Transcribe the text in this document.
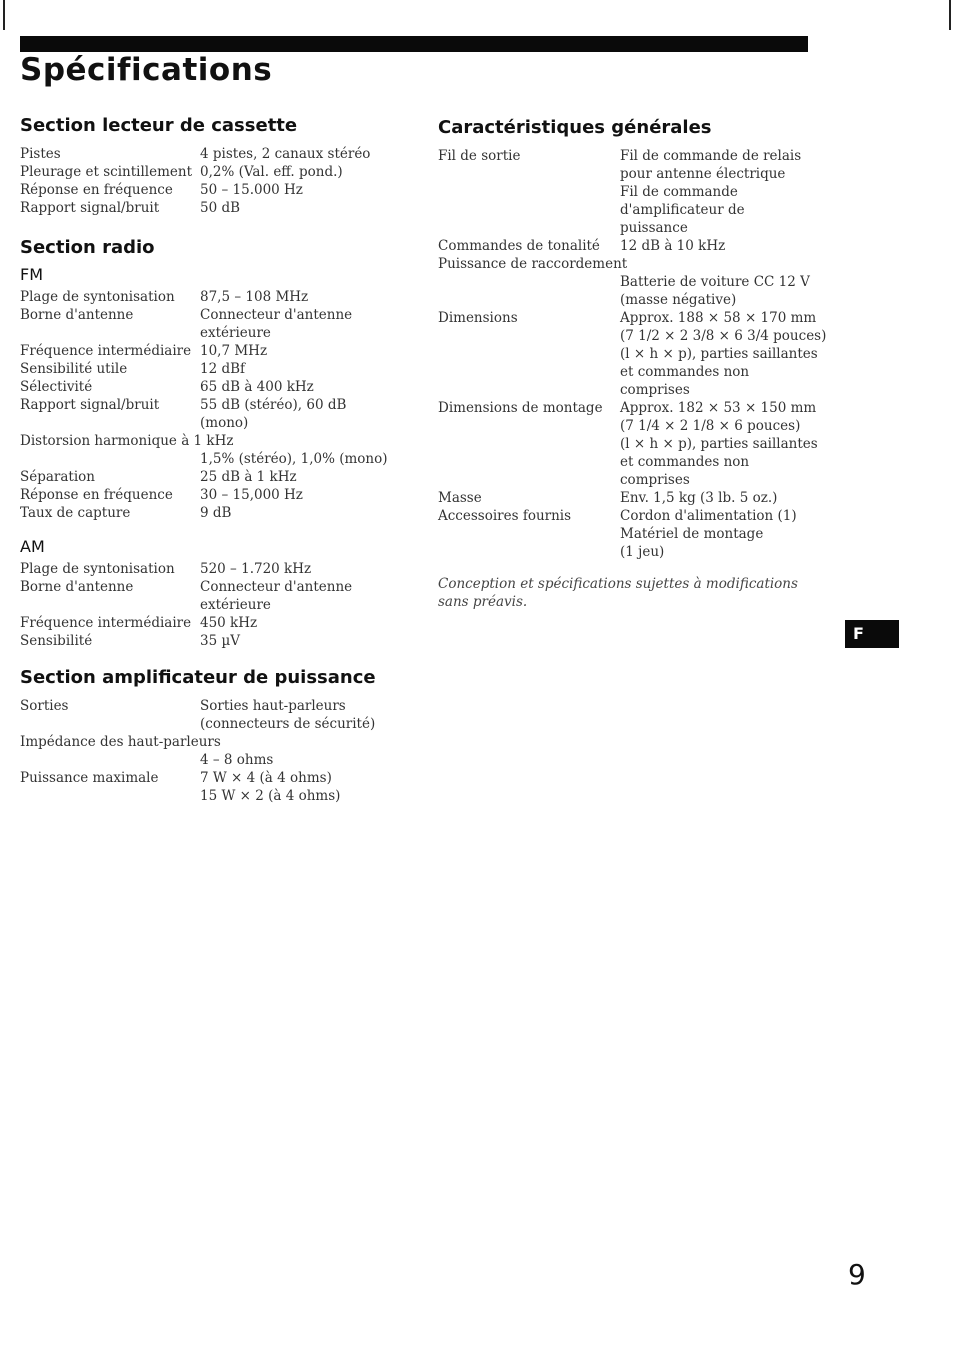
Spécifications
Section lecteur de cassette
Pistes	4 pistes, 2 canaux stéréo
Pleurage et scintillement 0,2% (Val. eff. pond.)
Réponse en fréquence 50 – 15.000 Hz
Rapport signal/bruit	50 dB
Section radio
FM
Plage de syntonisation 87,5 – 108 MHz
Borne d'antenne	Connecteur d'antenne
extérieure
Fréquence intermédiaire 10,7 MHz
Sensibilité utile	12 dBf
Sélectivité	65 dB à 400 kHz
Rapport signal/bruit	55 dB (stéréo), 60 dB
(mono)
Distorsion harmonique à 1 kHz
1,5% (stéréo), 1,0% (mono)
Séparation	25 dB à 1 kHz
Réponse en fréquence 30 – 15,000 Hz
Taux de capture	9 dB
AM
Plage de syntonisation 520 – 1.720 kHz
Borne d'antenne	Connecteur d'antenne
extérieure
Fréquence intermédiaire 450 kHz
Sensibilité	35 µV
Section amplificateur de puissance
Sorties	Sorties haut-parleurs
(connecteurs de sécurité)
Impédance des haut-parleurs
4 – 8 ohms
Puissance maximale	7 W × 4 (à 4 ohms)
15 W × 2 (à 4 ohms)
Caractéristiques générales
Fil de sortie	Fil de commande de relais
pour antenne électrique
Fil de commande
d'amplificateur de
puissance
Commandes de tonalité 12 dB à 10 kHz
Puissance de raccordement
Batterie de voiture CC 12 V
(masse négative)
Dimensions	Approx. 188 × 58 × 170 mm
(7 1/2 × 2 3/8 × 6 3/4 pouces)
(l × h × p), parties saillantes
et commandes non
comprises
Dimensions de montage Approx. 182 × 53 × 150 mm
(7 1/4 × 2 1/8 × 6 pouces)
(l × h × p), parties saillantes
et commandes non
comprises
Masse	Env. 1,5 kg (3 lb. 5 oz.)
Accessoires fournis	Cordon d'alimentation (1)
Matériel de montage
(1 jeu)
Conception et spécifications sujettes à modifications sans préavis.
F
9
